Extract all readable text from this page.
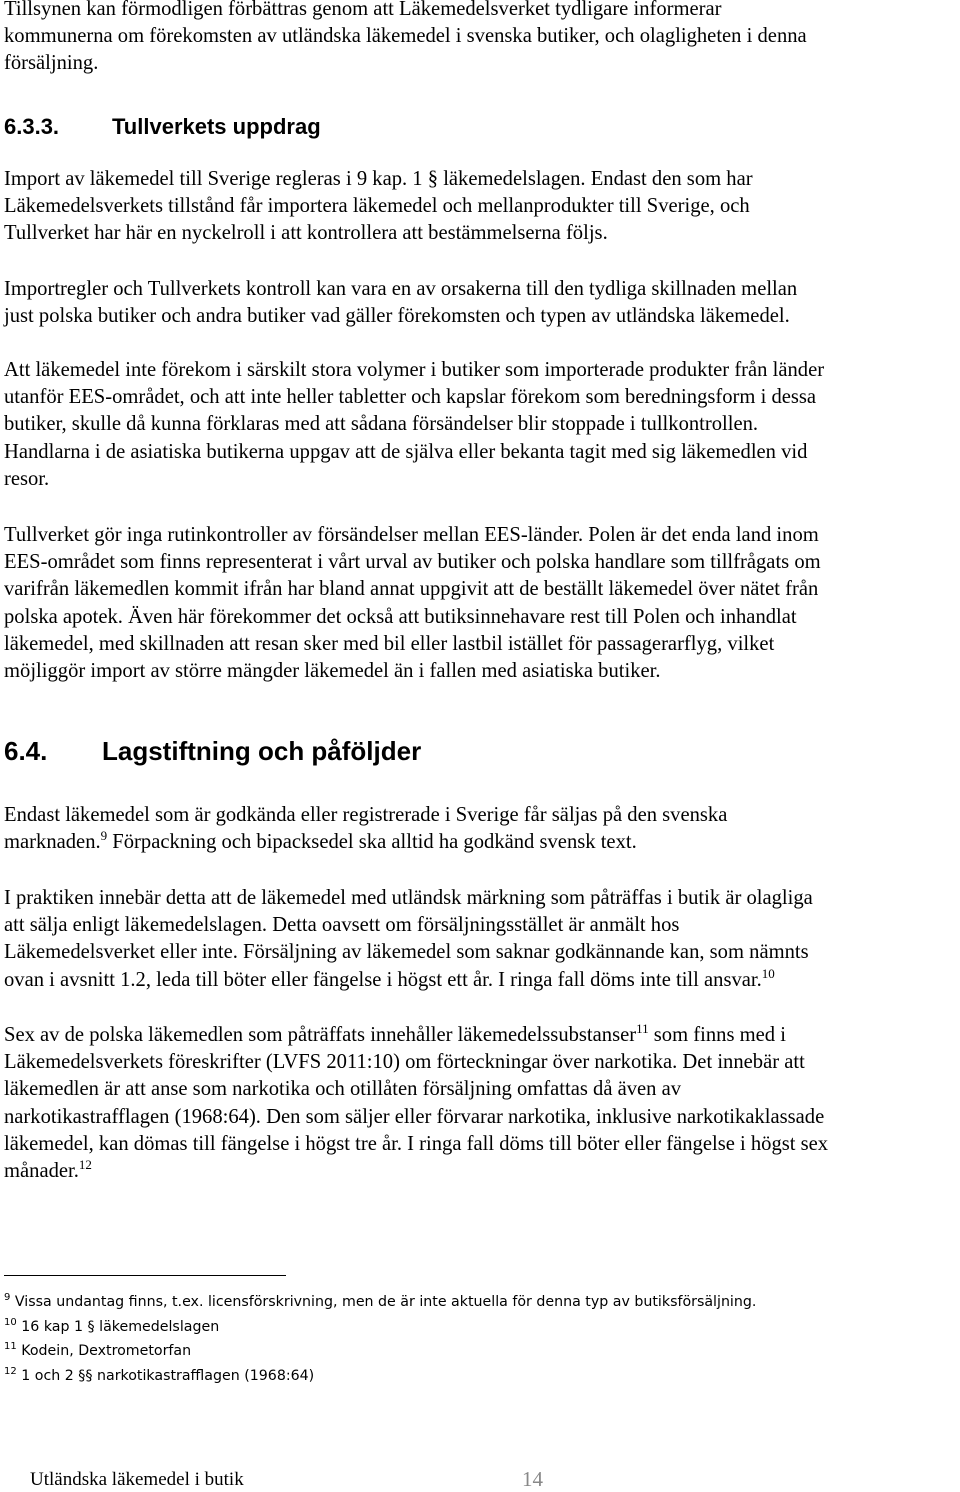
Tillsynen kan förmodligen förbättras genom att Läkemedelsverket tydligare informerar
kommunerna om förekomsten av utländska läkemedel i svenska butiker, och olagligheten i denna
försäljning.

6.3.3. Tullverkets uppdrag

Import av läkemedel till Sverige regleras i 9 kap. 1 § läkemedelslagen. Endast den som har
Läkemedelsverkets tillstånd får importera läkemedel och mellanprodukter till Sverige, och
Tullverket har här en nyckelroll i att kontrollera att bestämmelserna följs.

Importregler och Tullverkets kontroll kan vara en av orsakerna till den tydliga skillnaden mellan
just polska butiker och andra butiker vad gäller förekomsten och typen av utländska läkemedel.

Att läkemedel inte förekom i särskilt stora volymer i butiker som importerade produkter från länder
utanför EES-området, och att inte heller tabletter och kapslar förekom som beredningsform i dessa
butiker, skulle då kunna förklaras med att sådana försändelser blir stoppade i tullkontrollen.
Handlarna i de asiatiska butikerna uppgav att de själva eller bekanta tagit med sig läkemedlen vid
resor.

Tullverket gör inga rutinkontroller av försändelser mellan EES-länder. Polen är det enda land inom
EES-området som finns representerat i vårt urval av butiker och polska handlare som tillfrågats om
varifrån läkemedlen kommit ifrån har bland annat uppgivit att de beställt läkemedel över nätet från
polska apotek. Även här förekommer det också att butiksinnehavare rest till Polen och inhandlat
läkemedel, med skillnaden att resan sker med bil eller lastbil istället för passagerarflyg, vilket
möjliggör import av större mängder läkemedel än i fallen med asiatiska butiker.

6.4. Lagstiftning och påföljder

Endast läkemedel som är godkända eller registrerade i Sverige får säljas på den svenska
marknaden.$^9$ Förpackning och bipacksedel ska alltid ha godkänd svensk text.

I praktiken innebär detta att de läkemedel med utländsk märkning som påträffas i butik är olagliga
att sälja enligt läkemedelslagen. Detta oavsett om försäljningsstället är anmält hos
Läkemedelsverket eller inte. Försäljning av läkemedel som saknar godkännande kan, som nämnts
ovan i avsnitt 1.2, leda till böter eller fängelse i högst ett år. I ringa fall döms inte till ansvar.$^{10}$

Sex av de polska läkemedlen som påträffats innehåller läkemedelssubstanser$^{11}$ som finns med i
Läkemedelsverkets föreskrifter (LVFS 2011:10) om förteckningar över narkotika. Det innebär att
läkemedlen är att anse som narkotika och otillåten försäljning omfattas då även av
narkotikastrafflagen (1968:64). Den som säljer eller förvarar narkotika, inklusive narkotikaklassade
läkemedel, kan dömas till fängelse i högst tre år. I ringa fall döms till böter eller fängelse i högst sex
månader.$^{12}$

$^9$ Vissa undantag finns, t.ex. licensförskrivning, men de är inte aktuella för denna typ av butiksförsäljning.
$^{10}$ 16 kap 1 § läkemedelslagen
$^{11}$ Kodein, Dextrometorfan
$^{12}$ 1 och 2 §§ narkotikastrafflagen (1968:64)
Utländska läkemedel i butik	14
